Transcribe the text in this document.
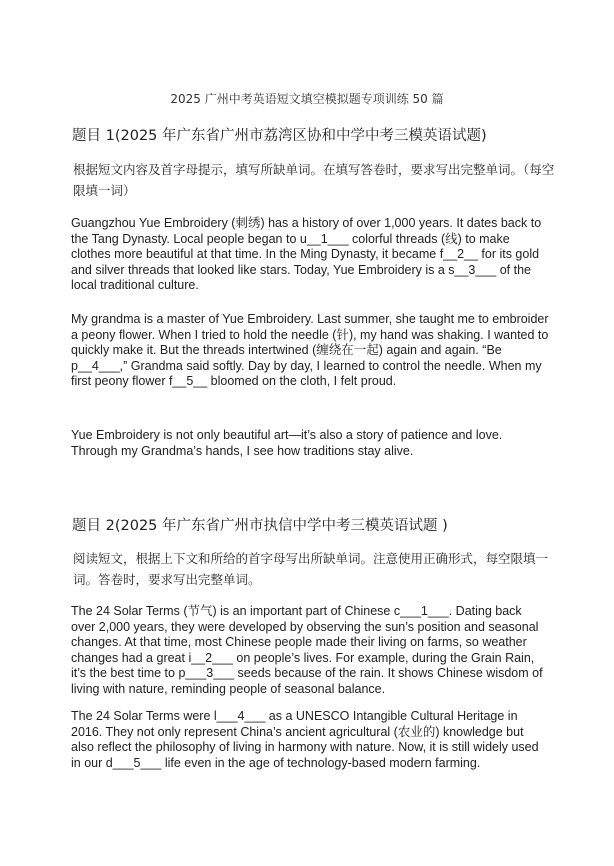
2025 广州中考英语短文填空模拟题专项训练 50 篇
题目 1(2025 年广东省广州市荔湾区协和中学中考三模英语试题)
根据短文内容及首字母提示，填写所缺单词。在填写答卷时，要求写出完整单词。（每空限填一词）
Guangzhou Yue Embroidery (刺绣) has a history of over 1,000 years. It dates back to the Tang Dynasty. Local people began to u__1___ colorful threads (线) to make clothes more beautiful at that time. In the Ming Dynasty, it became f__2__ for its gold and silver threads that looked like stars. Today, Yue Embroidery is a s__3___ of the local traditional culture.
My grandma is a master of Yue Embroidery. Last summer, she taught me to embroider a peony flower. When I tried to hold the needle (针), my hand was shaking. I wanted to quickly make it. But the threads intertwined (缠绕在一起) again and again. “Be p__4___,” Grandma said softly. Day by day, I learned to control the needle. When my first peony flower f__5__ bloomed on the cloth, I felt proud.
Yue Embroidery is not only beautiful art—it’s also a story of patience and love. Through my Grandma’s hands, I see how traditions stay alive.
题目 2(2025 年广东省广州市执信中学中考三模英语试题 )
阅读短文，根据上下文和所给的首字母写出所缺单词。注意使用正确形式，每空限填一词。答卷时，要求写出完整单词。
The 24 Solar Terms (节气) is an important part of Chinese c___1___. Dating back over 2,000 years, they were developed by observing the sun’s position and seasonal changes. At that time, most Chinese people made their living on farms, so weather changes had a great i__2___ on people’s lives. For example, during the Grain Rain, it’s the best time to p___3___ seeds because of the rain. It shows Chinese wisdom of living with nature, reminding people of seasonal balance.
The 24 Solar Terms were l___4___ as a UNESCO Intangible Cultural Heritage in 2016. They not only represent China’s ancient agricultural (农业的) knowledge but also reflect the philosophy of living in harmony with nature. Now, it is still widely used in our d___5___ life even in the age of technology-based modern farming.
